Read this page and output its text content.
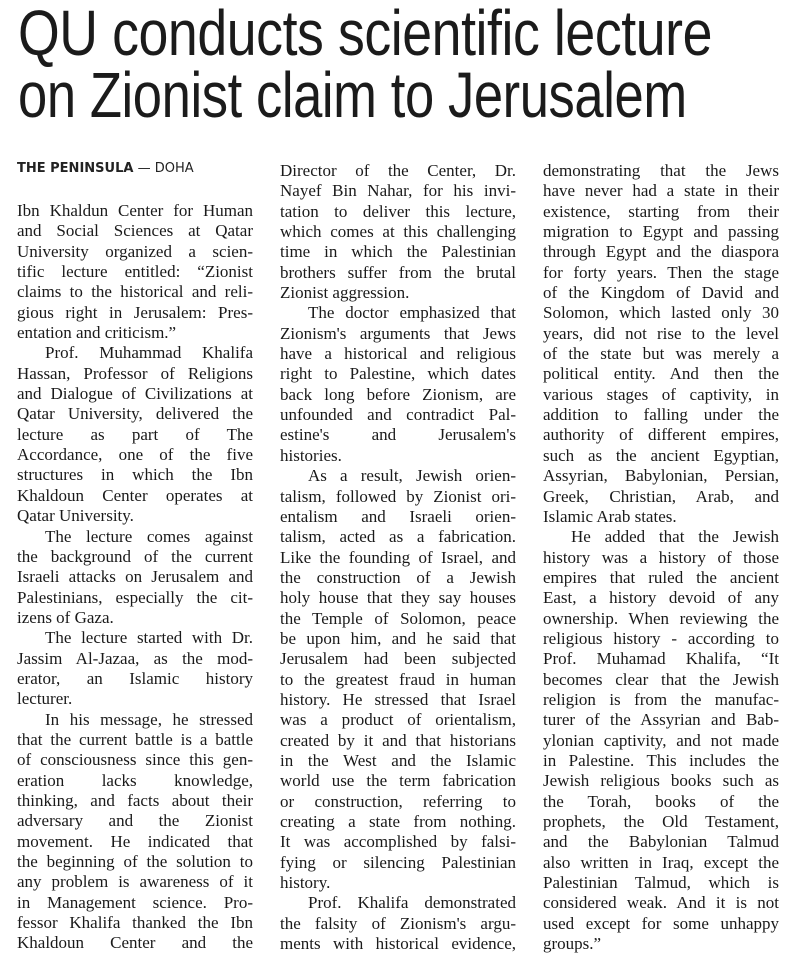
QU conducts scientific lecture
on Zionist claim to Jerusalem
THE PENINSULA — DOHA
Ibn Khaldun Center for Human
and Social Sciences at Qatar
University organized a scien-
tific lecture entitled: “Zionist
claims to the historical and reli-
gious right in Jerusalem: Pres-
entation and criticism.”
Prof. Muhammad Khalifa
Hassan, Professor of Religions
and Dialogue of Civilizations at
Qatar University, delivered the
lecture as part of The
Accordance, one of the five
structures in which the Ibn
Khaldoun Center operates at
Qatar University.
The lecture comes against
the background of the current
Israeli attacks on Jerusalem and
Palestinians, especially the cit-
izens of Gaza.
The lecture started with Dr.
Jassim Al-Jazaa, as the mod-
erator, an Islamic history
lecturer.
In his message, he stressed
that the current battle is a battle
of consciousness since this gen-
eration lacks knowledge,
thinking, and facts about their
adversary and the Zionist
movement. He indicated that
the beginning of the solution to
any problem is awareness of it
in Management science. Pro-
fessor Khalifa thanked the Ibn
Khaldoun Center and the
Director of the Center, Dr.
Nayef Bin Nahar, for his invi-
tation to deliver this lecture,
which comes at this challenging
time in which the Palestinian
brothers suffer from the brutal
Zionist aggression.
The doctor emphasized that
Zionism's arguments that Jews
have a historical and religious
right to Palestine, which dates
back long before Zionism, are
unfounded and contradict Pal-
estine's and Jerusalem's
histories.
As a result, Jewish orien-
talism, followed by Zionist ori-
entalism and Israeli orien-
talism, acted as a fabrication.
Like the founding of Israel, and
the construction of a Jewish
holy house that they say houses
the Temple of Solomon, peace
be upon him, and he said that
Jerusalem had been subjected
to the greatest fraud in human
history. He stressed that Israel
was a product of orientalism,
created by it and that historians
in the West and the Islamic
world use the term fabrication
or construction, referring to
creating a state from nothing.
It was accomplished by falsi-
fying or silencing Palestinian
history.
Prof. Khalifa demonstrated
the falsity of Zionism's argu-
ments with historical evidence,
demonstrating that the Jews
have never had a state in their
existence, starting from their
migration to Egypt and passing
through Egypt and the diaspora
for forty years. Then the stage
of the Kingdom of David and
Solomon, which lasted only 30
years, did not rise to the level
of the state but was merely a
political entity. And then the
various stages of captivity, in
addition to falling under the
authority of different empires,
such as the ancient Egyptian,
Assyrian, Babylonian, Persian,
Greek, Christian, Arab, and
Islamic Arab states.
He added that the Jewish
history was a history of those
empires that ruled the ancient
East, a history devoid of any
ownership. When reviewing the
religious history - according to
Prof. Muhamad Khalifa, “It
becomes clear that the Jewish
religion is from the manufac-
turer of the Assyrian and Bab-
ylonian captivity, and not made
in Palestine. This includes the
Jewish religious books such as
the Torah, books of the
prophets, the Old Testament,
and the Babylonian Talmud
also written in Iraq, except the
Palestinian Talmud, which is
considered weak. And it is not
used except for some unhappy
groups.”
